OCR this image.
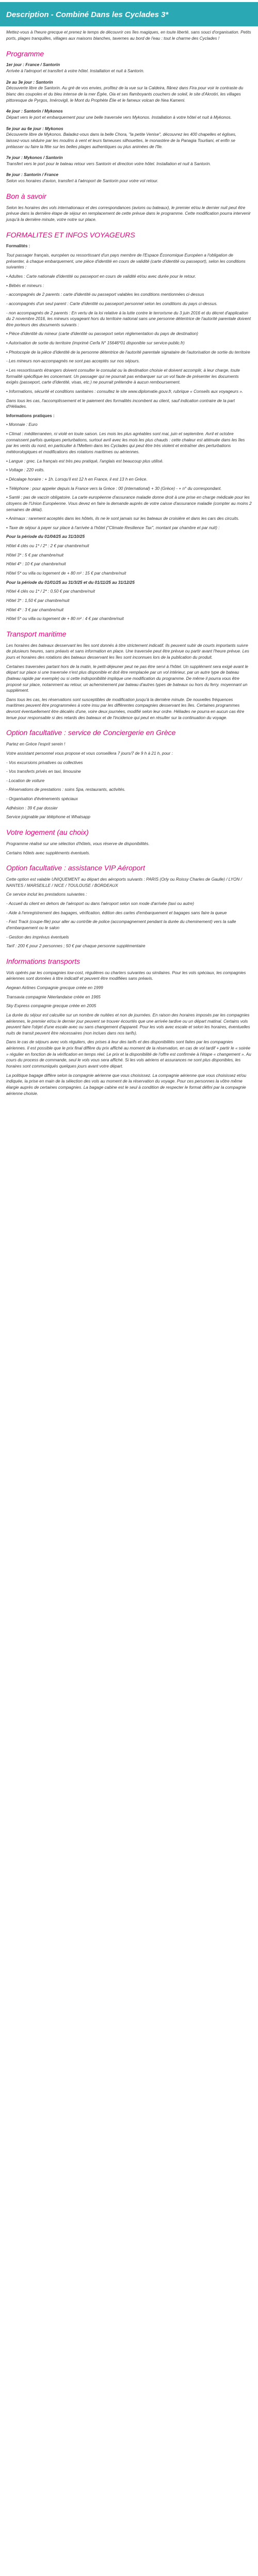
Description - Combiné Dans les Cyclades 3*

Mettez-vous à l'heure grecque et prenez le temps de découvrir ces îles magiques, en toute liberté, sans souci d'organisation. Petits ports, plages tranquilles, villages aux maisons blanches, tavernes au bord de l'eau : tout le charme des Cyclades !

Programme
1er jour : France / Santorin
Arrivée à l'aéroport et transfert à votre hôtel. Installation et nuit à Santorin.
2e au 3e jour : Santorin
Découverte libre de Santorin. Au gré de vos envies, profitez de la vue sur la Caldeira, flânez dans Fira pour voir le contraste du blanc des coupoles et du bleu intense de la mer Égée, Oia et ses flamboyants couchers de soleil, le site d'Akrotiri, les villages pittoresque de Pyrgos, Imérovigli, le Mont du Prophète Élie et le fameux volcan de Nea Kameni.
4e jour : Santorin / Mykonos
Départ vers le port et embarquement pour une belle traversée vers Mykonos. Installation à votre hôtel et nuit à Mykonos.
5e jour au 6e jour : Mykonos
Découverte libre de Mykonos. Baladez-vous dans la belle Chora, "la petite Venise", découvrez les 400 chapelles et églises, laissez-vous séduire par les moulins à vent et leurs fameuses silhouettes, le monastère de la Panagia Tourliani, et enfin se prélasser ou faire la fête sur les belles plages authentiques ou plus animées de l'île.
7e jour : Mykonos / Santorin
Transfert vers le port pour le bateau retour vers Santorin et direction votre hôtel. Installation et nuit à Santorin.
8e jour : Santorin / France
Selon vos horaires d'avion, transfert à l'aéroport de Santorin pour votre vol retour.
Bon à savoir

Selon les horaires des vols internationaux et des correspondances (avions ou bateaux), le premier et/ou le dernier nuit peut être prévue dans la dernière étape de séjour en remplacement de cette prévue dans le programme. Cette modification pourra intervenir jusqu'à la dernière minute, votre notre sur place.

FORMALITES ET INFOS VOYAGEURS

Formalités :

Tout passager français, européen ou ressortissant d'un pays membre de l'Espace Économique Européen a l'obligation de présenter, à chaque embarquement, une pièce d'identité en cours de validité (carte d'identité ou passeport), selon les conditions suivantes :

• Adultes : Carte nationale d'identité ou passeport en cours de validité et/ou avec durée pour le retour.

• Bébés et mineurs :

- accompagnés de 2 parents : carte d'identité ou passeport valables les conditions mentionnées ci-dessus

- accompagnés d'un seul parent : Carte d'identité ou passeport personnel selon les conditions du pays ci-dessus.

- non accompagnés de 2 parents : En vertu de la loi relative à la lutte contre le terrorisme du 3 juin 2016 et du décret d'application du 2 novembre 2016, les mineurs voyageant hors du territoire national sans une personne détentrice de l'autorité parentale doivent être porteurs des documents suivants :

• Pièce d'identité du mineur (carte d'identité ou passeport selon réglementation du pays de destination)

• Autorisation de sortie du territoire (imprimé Cerfa N° 15646*01 disponible sur service-public.fr)

• Photocopie de la pièce d'identité de la personne détentrice de l'autorité parentale signataire de l'autorisation de sortie du territoire

- Les mineurs non-accompagnés ne sont pas acceptés sur nos séjours.

• Les ressortissants étrangers doivent consulter le consulat ou la destination choisie et doivent accomplir, à leur charge, toute formalité spécifique les concernant. Un passager qui ne pourrait pas embarquer sur un vol faute de présenter les documents exigés (passeport, carte d'identité, visas, etc.) ne pourrait prétendre à aucun remboursement.

• Informations, sécurité et conditions sanitaires : consultez le site www.diplomatie.gouv.fr, rubrique « Conseils aux voyageurs ».

Dans tous les cas, l'accomplissement et le paiement des formalités incombent au client, sauf indication contraire de la part d'Héliades.

Informations pratiques :

• Monnaie : Euro

• Climat : méditerranéen, ni violé en toute saison. Les mois les plus agréables sont mai, juin et septembre. Avril et octobre connaissent parfois quelques perturbations, surtout avril avec les mois les plus chauds : cette chaleur est atténuée dans les îles par les vents du nord, en particulier à l'Meltem dans les Cyclades qui peut être très violent et entraîner des perturbations météorologiques et modifications des rotations maritimes ou aériennes.

• Langue : grec. La français est très peu pratiqué, l'anglais est beaucoup plus utilisé.

• Voltage : 220 volts.

• Décalage horaire : + 1h. Lorsqu'il est 12 h en France, il est 13 h en Grèce.

• Téléphone : pour appeler depuis la France vers la Grèce : 00 (international) + 30 (Grèce) - + n° du correspondant.

• Santé : pas de vaccin obligatoire. La carte européenne d'assurance maladie donne droit à une prise en charge médicale pour les citoyens de l'Union Européenne. Vous devez en faire la demande auprès de votre caisse d'assurance maladie (compter au moins 2 semaines de délai).

• Animaux : rarement acceptés dans les hôtels, ils ne le sont jamais sur les bateaux de croisière et dans les cars des circuits.

• Taxe de séjour à payer sur place à l'arrivée à l'hôtel ("Climate Resilience Tax", montant par chambre et par nuit) :

Pour la période du 01/04/25 au 31/10/25

Hôtel 4 clés ou 1* / 2* : 2 € par chambre/nuit

Hôtel 3* : 5 € par chambre/nuit

Hôtel 4* : 10 € par chambre/nuit

Hôtel 5* ou villa ou logement de + 80 m² : 15 € par chambre/nuit

Pour la période du 01/01/25 au 31/3/25 et du 01/11/25 au 31/12/25

Hôtel 4 clés ou 1* / 2* : 0,50 € par chambre/nuit

Hôtel 3* : 1,50 € par chambre/nuit

Hôtel 4* : 3 € par chambre/nuit

Hôtel 5* ou villa ou logement de + 80 m² : 4 € par chambre/nuit

Transport maritime

Les horaires des bateaux desservant les îles sont donnés à titre strictement indicatif. Ils peuvent subir de courts importants suivre de plusieurs heures, sans préavis et sans information en place. Une traversée peut être prévue ou partir avant l'heure prévue. Les jours et horaires des rotations des bateaux desservant les îles sont inconnues lors de la publication du produit.

Certaines traversées partant hors de la matin, le petit-déjeuner peut ne pas être servi à l'hôtel. Un supplément sera exigé avant le départ sur place si une traversée n'est plus disponible et doit être remplacée par un vol intérieur, par un autre type de bateau (bateau rapide par exemple) ou si cette indisponibilité implique une modification du programme. De même il pourra vous être proposé sur place, notamment au retour, un acheminement par bateau d'autres types de bateaux ou hors du ferry. moyennant un supplément.

Dans tous les cas, les réservations sont susceptibles de modification jusqu'à la dernière minute. De nouvelles fréquences maritimes peuvent être programmées à votre insu par les différentes compagnies desservant les îles. Certaines programmes devront éventuellement être décalés d'une, voire deux journées, modifié selon leur ordre. Héliades ne pourra en aucun cas être tenue pour responsable si des retards des bateaux et de l'incidence qui peut en résulter sur la continuation du voyage.

Option facultative : service de Conciergerie en Grèce

Partez en Grèce l'esprit serein !

Votre assistant personnel vous propose et vous conseillera 7 jours/7 de 9 h à 21 h, pour :

- Vos excursions privatives ou collectives

- Vos transferts privés en taxi, limousine

- Location de voiture

- Réservations de prestations : soins Spa, restaurants, activités.

- Organisation d'évènements spéciaux

Adhésion : 39 € par dossier

Service joignable par téléphone et Whatsapp

Votre logement (au choix)

Programme réalisé sur une sélection d'hôtels, vous réserve de disponibilités.

Certains hôtels avec suppléments éventuels.

Option facultative : assistance VIP Aéroport

Cette option est valable UNIQUEMENT au départ des aéroports suivants : PARIS (Orly ou Roissy Charles de Gaulle) / LYON / NANTES / MARSEILLE / NICE / TOULOUSE / BORDEAUX

Ce service inclut les prestations suivantes :

- Accueil du client en dehors de l'aéroport ou dans l'aéroport selon son mode d'arrivée (taxi ou autre)

- Aide à l'enregistrement des bagages, vérification, édition des cartes d'embarquement et bagages sans faire la queue

- Fast Track (coupe-file) pour aller au contrôle de police (accompagnement pendant la durée du cheminement) vers la salle d'embarquement ou le salon

- Gestion des imprévus éventuels

Tarif : 200 € pour 2 personnes ; 50 € par chaque personne supplémentaire

Informations transports

Vols opérés par les compagnies low-cost, régulières ou charters suivantes ou similaires. Pour les vols spéciaux, les compagnies aériennes sont données à titre indicatif et peuvent être modifiées sans préavis.

Aegean Airlines Compagnie grecque créée en 1999

Transavia compagnie Néerlandaise créée en 1965

Sky Express compagnie grecque créée en 2005

La durée du séjour est calculée sur un nombre de nuitées et non de journées. En raison des horaires imposés par les compagnies aériennes, le premier et/ou le dernier jour peuvent se trouver écourtés que une arrivée tardive ou un départ matinal. Certains vols peuvent faire l'objet d'une escale avec ou sans changement d'appareil. Pour les vols avec escale et selon les horaires, éventuelles nuits de transit peuvent être nécessaires (non inclues dans nos tarifs).

Dans le cas de séjours avec vols réguliers, des prises à leur des tarifs et des disponibilités sont faites par les compagnies aériennes. Il est possible que le prix final diffère du prix affiché au moment de la réservation, en cas de vol tardif + partir le « soirée » régulier en fonction de la vérification en temps réel. Le prix et la disponibilité de l'offre est confirmée à l'étape « changement ». Au cours du process de commande, seul le vols vous sera affiché. Si les vols aériens et assurances ne sont plus disponibles, les horaires sont communiqués quelques jours avant votre départ.

La politique bagage diffère selon la compagnie aérienne que vous choisissez. La compagnie aérienne que vous choisissez et/ou indiquée, la prise en main de la sélection des vols au moment de la réservation du voyage. Pour ces personnes la vôtre même élargie auprès de certaines compagnies. La bagage cabine est le seul à condition de respecter le format défini par la compagnie aérienne choisie.
